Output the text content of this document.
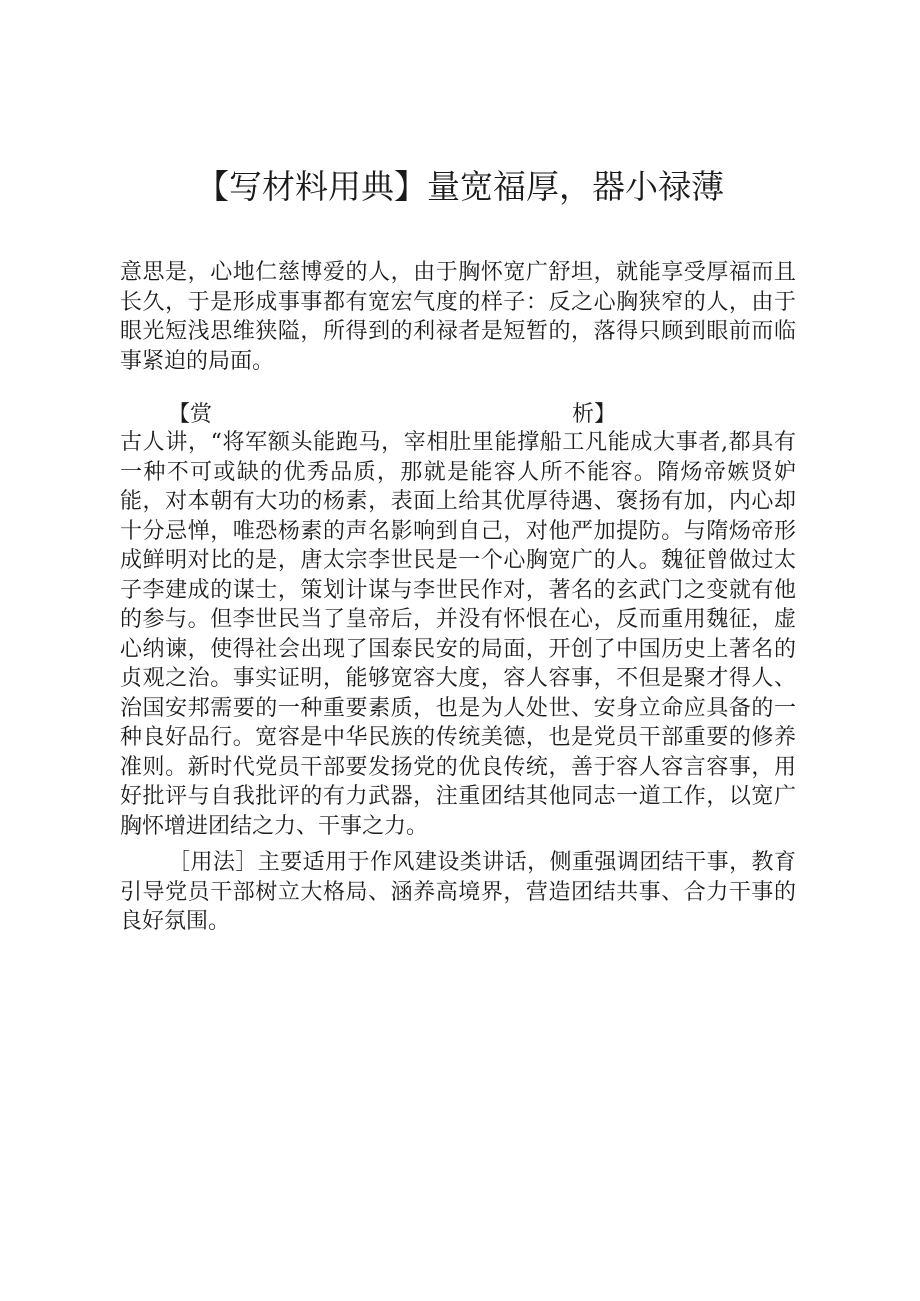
【写材料用典】量宽福厚，器小禄薄

意思是，心地仁慈博爱的人，由于胸怀宽广舒坦，就能享受厚福而且长久，于是形成事事都有宽宏气度的样子：反之心胸狭窄的人，由于眼光短浅思维狭隘，所得到的利禄者是短暂的，落得只顾到眼前而临事紧迫的局面。

【赏	析】

古人讲，“将军额头能跑马，宰相肚里能撑船工凡能成大事者,都具有一种不可或缺的优秀品质，那就是能容人所不能容。隋炀帝嫉贤妒能，对本朝有大功的杨素，表面上给其优厚待遇、褒扬有加，内心却十分忌惮，唯恐杨素的声名影响到自己，对他严加提防。与隋炀帝形成鲜明对比的是，唐太宗李世民是一个心胸宽广的人。魏征曾做过太子李建成的谋士，策划计谋与李世民作对，著名的玄武门之变就有他的参与。但李世民当了皇帝后，并没有怀恨在心，反而重用魏征，虚心纳谏，使得社会出现了国泰民安的局面，开创了中国历史上著名的贞观之治。事实证明，能够宽容大度，容人容事，不但是聚才得人、治国安邦需要的一种重要素质，也是为人处世、安身立命应具备的一种良好品行。宽容是中华民族的传统美德，也是党员干部重要的修养准则。新时代党员干部要发扬党的优良传统，善于容人容言容事，用好批评与自我批评的有力武器，注重团结其他同志一道工作，以宽广胸怀增进团结之力、干事之力。

［用法］主要适用于作风建设类讲话，侧重强调团结干事，教育引导党员干部树立大格局、涵养高境界，营造团结共事、合力干事的良好氛围。
